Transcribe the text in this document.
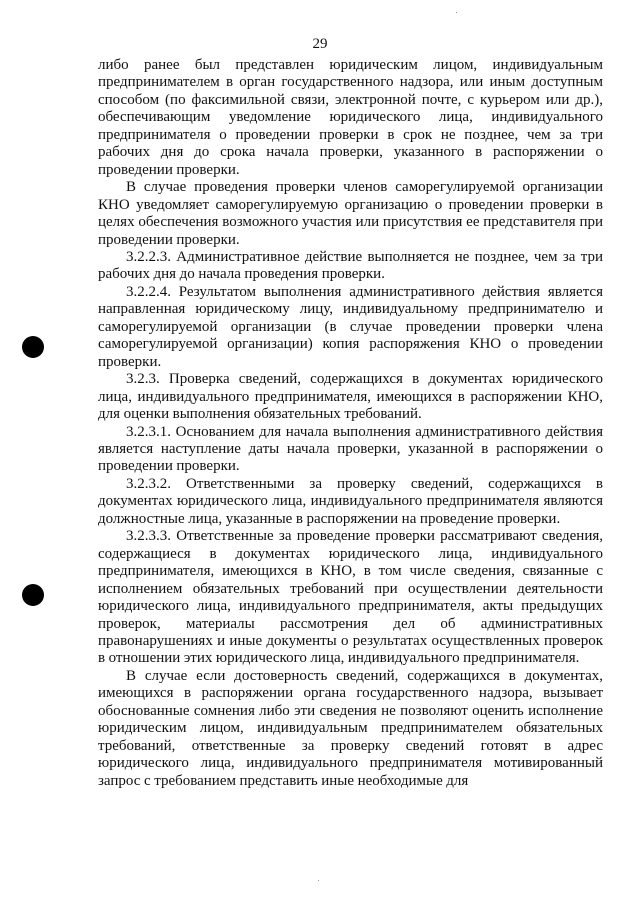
29

либо ранее был представлен юридическим лицом, индивидуальным предпринимателем в орган государственного надзора, или иным доступным способом (по факсимильной связи, электронной почте, с курьером или др.), обеспечивающим уведомление юридического лица, индивидуального предпринимателя о проведении проверки в срок не позднее, чем за три рабочих дня до срока начала проверки, указанного в распоряжении о проведении проверки.

В случае проведения проверки членов саморегулируемой организации КНО уведомляет саморегулируемую организацию о проведении проверки в целях обеспечения возможного участия или присутствия ее представителя при проведении проверки.

3.2.2.3. Административное действие выполняется не позднее, чем за три рабочих дня до начала проведения проверки.

3.2.2.4. Результатом выполнения административного действия является направленная юридическому лицу, индивидуальному предпринимателю и саморегулируемой организации (в случае проведении проверки члена саморегулируемой организации) копия распоряжения КНО о проведении проверки.

3.2.3. Проверка сведений, содержащихся в документах юридического лица, индивидуального предпринимателя, имеющихся в распоряжении КНО, для оценки выполнения обязательных требований.

3.2.3.1. Основанием для начала выполнения административного действия является наступление даты начала проверки, указанной в распоряжении о проведении проверки.

3.2.3.2. Ответственными за проверку сведений, содержащихся в документах юридического лица, индивидуального предпринимателя являются должностные лица, указанные в распоряжении на проведение проверки.

3.2.3.3. Ответственные за проведение проверки рассматривают сведения, содержащиеся в документах юридического лица, индивидуального предпринимателя, имеющихся в КНО, в том числе сведения, связанные с исполнением обязательных требований при осуществлении деятельности юридического лица, индивидуального предпринимателя, акты предыдущих проверок, материалы рассмотрения дел об административных правонарушениях и иные документы о результатах осуществленных проверок в отношении этих юридического лица, индивидуального предпринимателя.

В случае если достоверность сведений, содержащихся в документах, имеющихся в распоряжении органа государственного надзора, вызывает обоснованные сомнения либо эти сведения не позволяют оценить исполнение юридическим лицом, индивидуальным предпринимателем обязательных требований, ответственные за проверку сведений готовят в адрес юридического лица, индивидуального предпринимателя мотивированный запрос с требованием представить иные необходимые для
